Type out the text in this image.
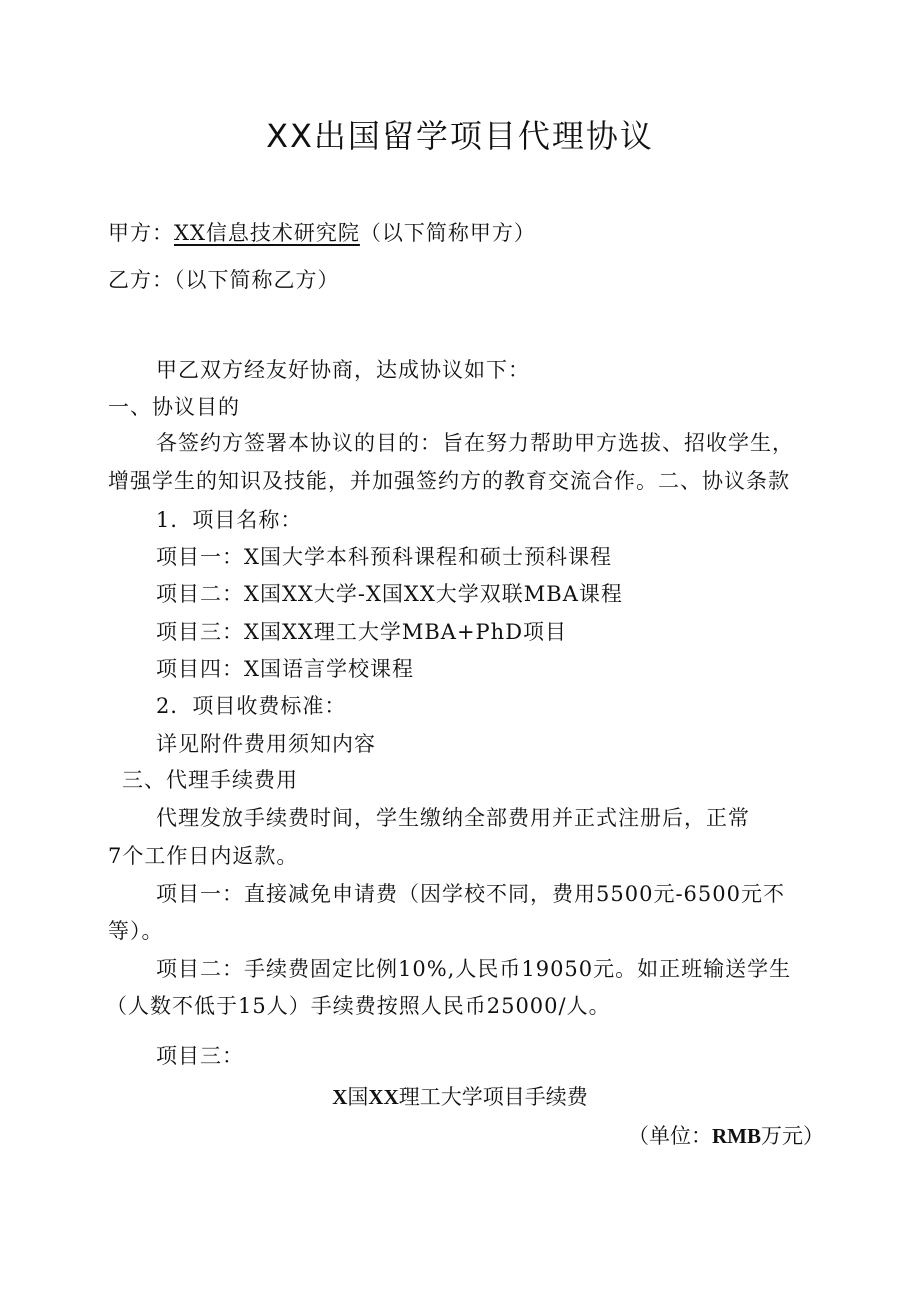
XX出国留学项目代理协议
甲方：XX信息技术研究院（以下简称甲方）
乙方：（以下简称乙方）
甲乙双方经友好协商，达成协议如下：
一、协议目的
各签约方签署本协议的目的：旨在努力帮助甲方选拔、招收学生，
增强学生的知识及技能，并加强签约方的教育交流合作。二、协议条款
1．项目名称：
项目一：X国大学本科预科课程和硕士预科课程
项目二：X国XX大学-X国XX大学双联MBA课程
项目三：X国XX理工大学MBA+PhD项目
项目四：X国语言学校课程
2．项目收费标准：
详见附件费用须知内容
三、代理手续费用
代理发放手续费时间，学生缴纳全部费用并正式注册后，正常
7个工作日内返款。
项目一：直接减免申请费（因学校不同，费用5500元-6500元不
等）。
项目二：手续费固定比例10%,人民币19050元。如正班输送学生
（人数不低于15人）手续费按照人民币25000/人。
项目三：
X国XX理工大学项目手续费
（单位：RMB万元）
